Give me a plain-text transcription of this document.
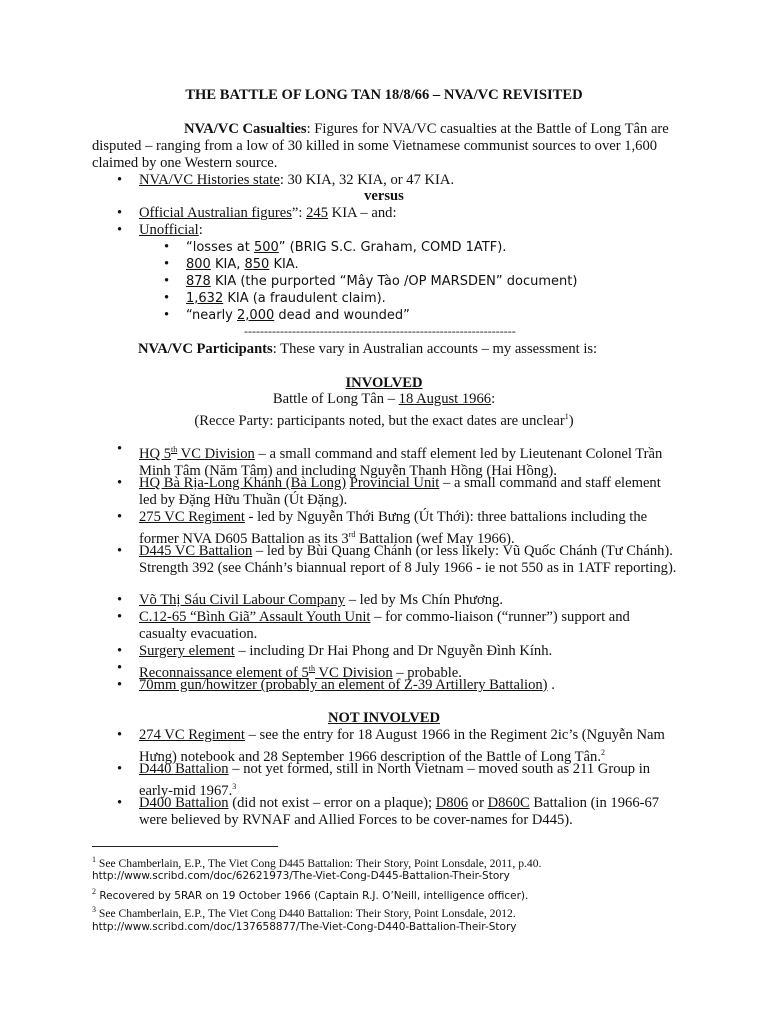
THE BATTLE OF LONG TAN 18/8/66 – NVA/VC REVISITED
NVA/VC Casualties: Figures for NVA/VC casualties at the Battle of Long Tân are disputed – ranging from a low of 30 killed in some Vietnamese communist sources to over 1,600 claimed by one Western source.
• NVA/VC Histories state: 30 KIA, 32 KIA, or 47 KIA.
versus
• Official Australian figures”: 245 KIA – and:
• Unofficial:
• “losses at 500” (BRIG S.C. Graham, COMD 1ATF).
• 800 KIA, 850 KIA.
• 878 KIA (the purported “Mây Tào /OP MARSDEN” document)
• 1,632 KIA (a fraudulent claim).
• “nearly 2,000 dead and wounded”
--------------------------------------------------------------------
NVA/VC Participants: These vary in Australian accounts – my assessment is:
INVOLVED
Battle of Long Tân – 18 August 1966:
(Recce Party: participants noted, but the exact dates are unclear$^1$)
• HQ 5th VC Division – a small command and staff element led by Lieutenant Colonel Trần Minh Tâm (Năm Tâm) and including Nguyễn Thanh Hồng (Hai Hồng).
• HQ Bà Rịa-Long Khánh (Bà Long) Provincial Unit – a small command and staff element led by Đặng Hữu Thuần (Út Đặng).
• 275 VC Regiment - led by Nguyễn Thới Bưng (Út Thới): three battalions including the former NVA D605 Battalion as its 3rd Battalion (wef May 1966).
• D445 VC Battalion – led by Bùi Quang Chánh (or less likely: Vũ Quốc Chánh (Tư Chánh). Strength 392 (see Chánh’s biannual report of 8 July 1966 - ie not 550 as in 1ATF reporting).
• Võ Thị Sáu Civil Labour Company – led by Ms Chín Phương.
• C.12-65 “Bình Giã” Assault Youth Unit – for commo-liaison (“runner”) support and casualty evacuation.
• Surgery element – including Dr Hai Phong and Dr Nguyễn Đình Kính.
• Reconnaissance element of 5th VC Division – probable.
• 70mm gun/howitzer (probably an element of Z-39 Artillery Battalion) .
NOT INVOLVED
• 274 VC Regiment – see the entry for 18 August 1966 in the Regiment 2ic’s (Nguyễn Nam Hưng) notebook and 28 September 1966 description of the Battle of Long Tân.$^2$
• D440 Battalion – not yet formed, still in North Vietnam – moved south as 211 Group in early-mid 1967.$^3$
• D400 Battalion (did not exist – error on a plaque); D806 or D860C Battalion (in 1966-67 were believed by RVNAF and Allied Forces to be cover-names for D445).
$^1$ See Chamberlain, E.P., The Viet Cong D445 Battalion: Their Story, Point Lonsdale, 2011, p.40.
http://www.scribd.com/doc/62621973/The-Viet-Cong-D445-Battalion-Their-Story
$^2$ Recovered by 5RAR on 19 October 1966 (Captain R.J. O’Neill, intelligence officer).
$^3$ See Chamberlain, E.P., The Viet Cong D440 Battalion: Their Story, Point Lonsdale, 2012.
http://www.scribd.com/doc/137658877/The-Viet-Cong-D440-Battalion-Their-Story
